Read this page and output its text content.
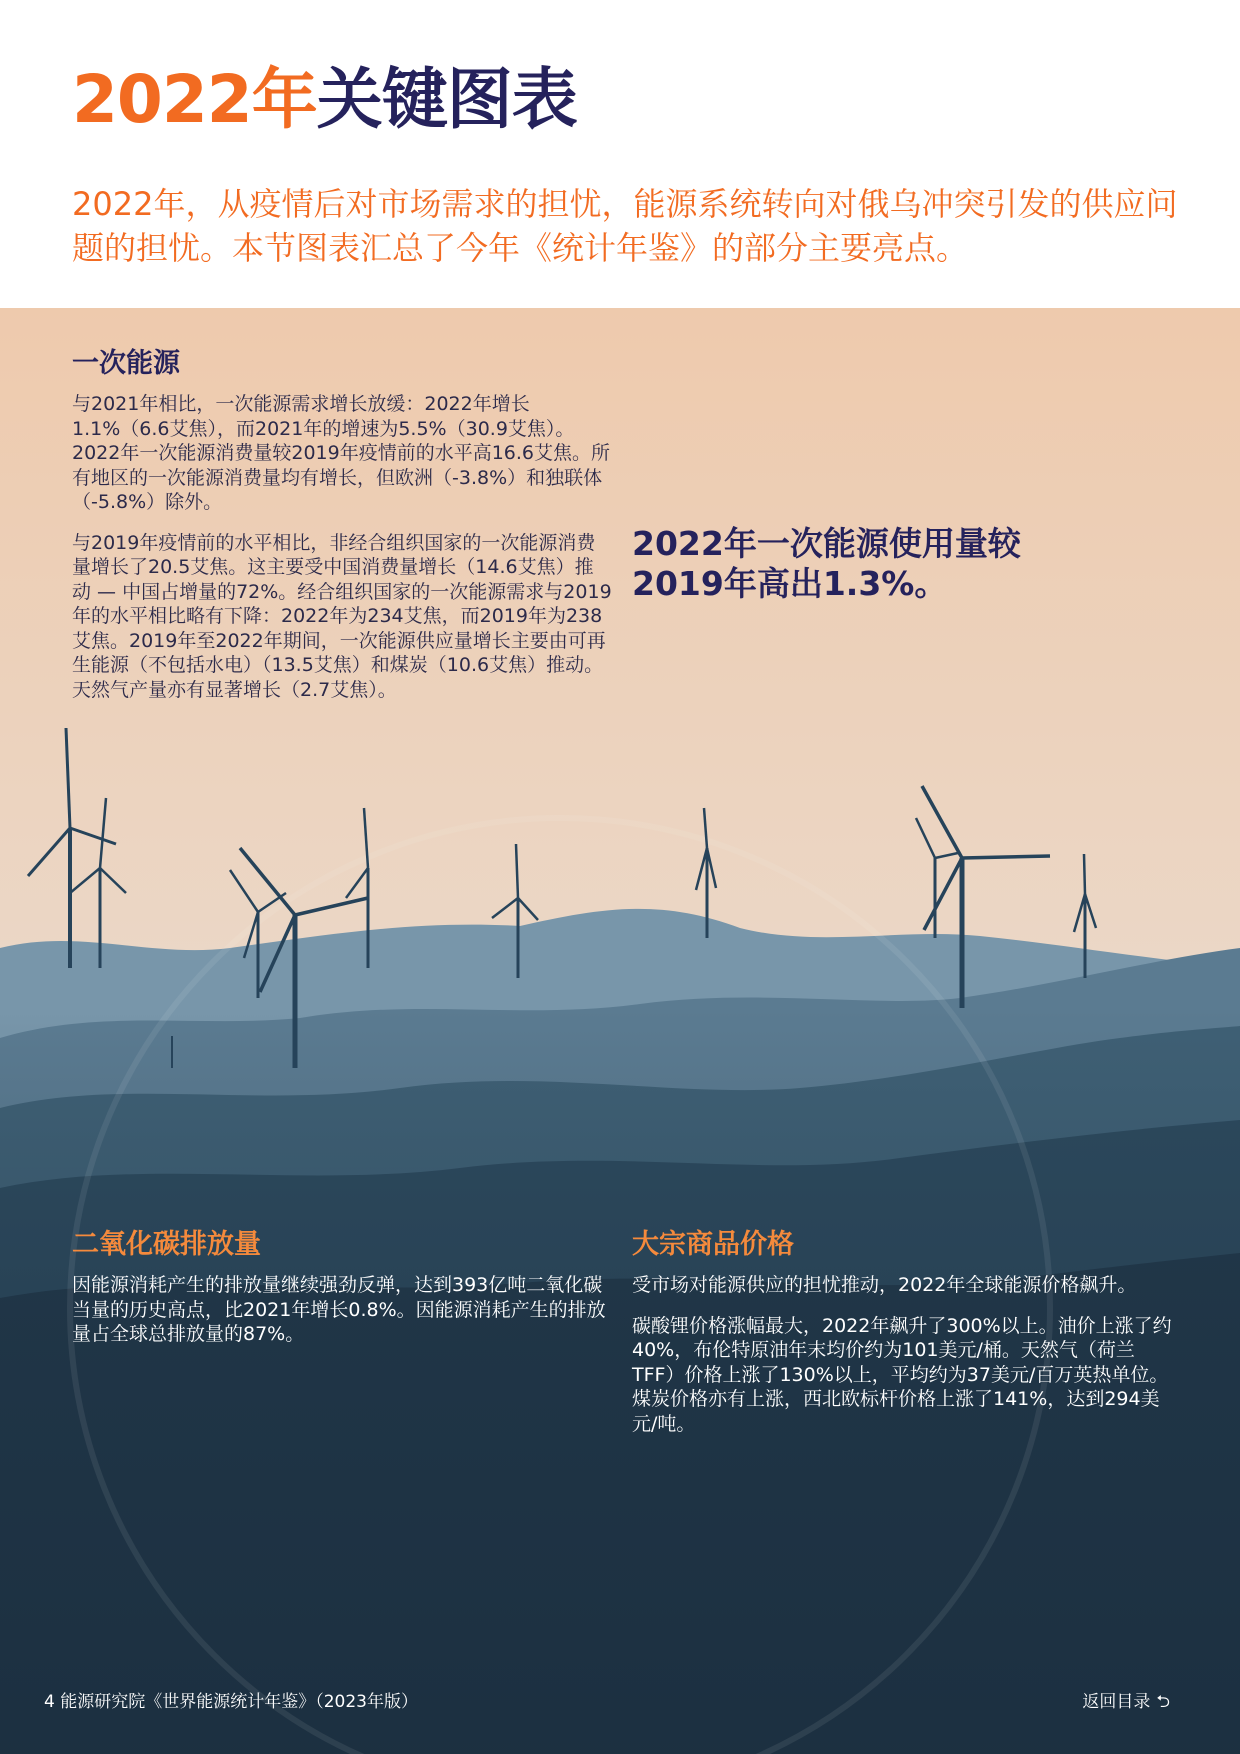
2022年关键图表

2022年，从疫情后对市场需求的担忧，能源系统转向对俄乌冲突引发的供应问题的担忧。本节图表汇总了今年《统计年鉴》的部分主要亮点。

一次能源

与2021年相比，一次能源需求增长放缓：2022年增长1.1%（6.6艾焦），而2021年的增速为5.5%（30.9艾焦）。2022年一次能源消费量较2019年疫情前的水平高16.6艾焦。所有地区的一次能源消费量均有增长，但欧洲（-3.8%）和独联体（-5.8%）除外。

与2019年疫情前的水平相比，非经合组织国家的一次能源消费量增长了20.5艾焦。这主要受中国消费量增长（14.6艾焦）推动 — 中国占增量的72%。经合组织国家的一次能源需求与2019年的水平相比略有下降：2022年为234艾焦，而2019年为238艾焦。2019年至2022年期间，一次能源供应量增长主要由可再生能源（不包括水电）（13.5艾焦）和煤炭（10.6艾焦）推动。天然气产量亦有显著增长（2.7艾焦）。

2022年一次能源使用量较2019年高出1.3%。

二氧化碳排放量

因能源消耗产生的排放量继续强劲反弹，达到393亿吨二氧化碳当量的历史高点，比2021年增长0.8%。因能源消耗产生的排放量占全球总排放量的87%。

大宗商品价格

受市场对能源供应的担忧推动，2022年全球能源价格飙升。

碳酸锂价格涨幅最大，2022年飙升了300%以上。油价上涨了约40%，布伦特原油年末均价约为101美元/桶。天然气（荷兰TFF）价格上涨了130%以上，平均约为37美元/百万英热单位。煤炭价格亦有上涨，西北欧标杆价格上涨了141%，达到294美元/吨。

4 能源研究院《世界能源统计年鉴》（2023年版）	返回目录 ⮌
